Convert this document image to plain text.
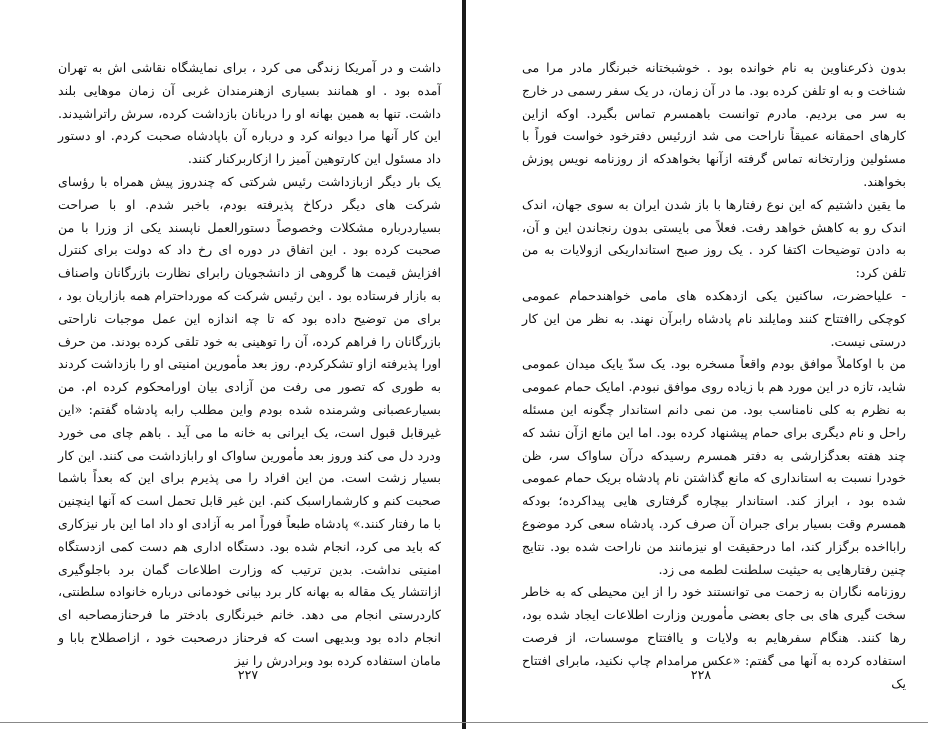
داشت و در آمریکا زندگی می کرد ، برای نمایشگاه نقاشی اش به تهران آمده بود . او همانند بسیاری ازهنرمندان غربی آن زمان موهایی بلند داشت. تنها به همین بهانه او را دربانان بازداشت کرده، سرش راتراشیدند. این کار آنها مرا دیوانه کرد و درباره آن باپادشاه صحبت کردم. او دستور داد مسئول این کارتوهین آمیز را ازکاربرکنار کنند.

یک بار دیگر ازبازداشت رئیس شرکتی که چندروز پیش همراه با رؤسای شرکت های دیگر درکاخ پذیرفته بودم، باخبر شدم. او با صراحت بسیاردرباره مشکلات وخصوصاً دستورالعمل ناپسند یکی از وزرا با من صحبت کرده بود . این اتفاق در دوره ای رخ داد که دولت برای کنترل افزایش قیمت ها گروهی از دانشجویان رابرای نظارت بازرگانان واصناف به بازار فرستاده بود . این رئیس شرکت که مورداحترام همه بازاریان بود ، برای من توضیح داده بود که تا چه اندازه این عمل موجبات ناراحتی بازرگانان را فراهم کرده، آن را توهینی به خود تلقی کرده بودند. من حرف اورا پذیرفته ازاو تشکرکردم. روز بعد مأمورین امنیتی او را بازداشت کردند به طوری که تصور می رفت من آزادی بیان اورامحکوم کرده ام. من بسیارعصبانی وشرمنده شده بودم واین مطلب رابه پادشاه گفتم: «این غیرقابل قبول است، یک ایرانی به خانه ما می آید . باهم چای می خورد ودرد دل می کند وروز بعد مأمورین ساواک او رابازداشت می کنند. این کار بسیار زشت است. من این افراد را می پذیرم برای این که بعداً باشما صحبت کنم و کارشماراسبک کنم. این غیر قابل تحمل است که آنها اینچنین با ما رفتار کنند.» پادشاه طبعاً فوراً امر به آزادی او داد اما این بار نیزکاری که باید می کرد، انجام شده بود. دستگاه اداری هم دست کمی ازدستگاه امنیتی نداشت. بدین ترتیب که وزارت اطلاعات گمان برد باجلوگیری ازانتشار یک مقاله به بهانه کار برد بیانی خودمانی درباره خانواده سلطنتی، کاردرستی انجام می دهد. خانم خبرنگاری بادختر ما فرحنازمصاحبه ای انجام داده بود وبدیهی است که فرحناز درصحبت خود ، ازاصطلاح بابا و مامان استفاده کرده بود وبرادرش را نیز

۲۲۷

بدون ذکرعناوین به نام خوانده بود . خوشبختانه خبرنگار مادر مرا می شناخت و به او تلفن کرده بود. ما در آن زمان، در یک سفر رسمی در خارج به سر می بردیم. مادرم توانست باهمسرم تماس بگیرد. اوکه ازاین کارهای احمقانه عمیقاً ناراحت می شد ازرئیس دفترخود خواست فوراً با مسئولین وزارتخانه تماس گرفته ازآنها بخواهدکه از روزنامه نویس پوزش بخواهند.

ما یقین داشتیم که این نوع رفتارها با باز شدن ایران به سوی جهان، اندک اندک رو به کاهش خواهد رفت. فعلاً می بایستی بدون رنجاندن این و آن، به دادن توضیحات اکتفا کرد . یک روز صبح استانداریکی ازولایات به من تلفن کرد:

- علیاحضرت، ساکنین یکی ازدهکده های مامی خواهندحمام عمومی کوچکی راافتتاح کنند ومایلند نام پادشاه رابرآن نهند. به نظر من این کار درستی نیست.

من با اوکاملاً موافق بودم واقعاً مسخره بود. یک سدّ یایک میدان عمومی شاید، تازه در این مورد هم با زیاده روی موافق نبودم. امایک حمام عمومی به نظرم به کلی نامناسب بود. من نمی دانم استاندار چگونه این مسئله راحل و نام دیگری برای حمام پیشنهاد کرده بود. اما این مانع ازآن نشد که چند هفته بعدگزارشی به دفتر همسرم رسیدکه درآن ساواک سر، ظن خودرا نسبت به استانداری که مانع گذاشتن نام پادشاه بریک حمام عمومی شده بود ، ابراز کند. استاندار بیچاره گرفتاری هایی پیداکرده؛ بودکه همسرم وقت بسیار برای جبران آن صرف کرد. پادشاه سعی کرد موضوع رابااخده برگزار کند، اما درحقیقت او نیزمانند من ناراحت شده بود. نتایج چنین رفتارهایی به حیثیت سلطنت لطمه می زد.

روزنامه نگاران به زحمت می توانستند خود را از این محیطی که به خاطر سخت گیری های بی جای بعضی مأمورین وزارت اطلاعات ایجاد شده بود، رها کنند. هنگام سفرهایم به ولایات و یاافتتاح موسسات، از فرصت استفاده کرده به آنها می گفتم: «عکس مرامدام چاپ نکنید، مابرای افتتاح یک

۲۲۸
